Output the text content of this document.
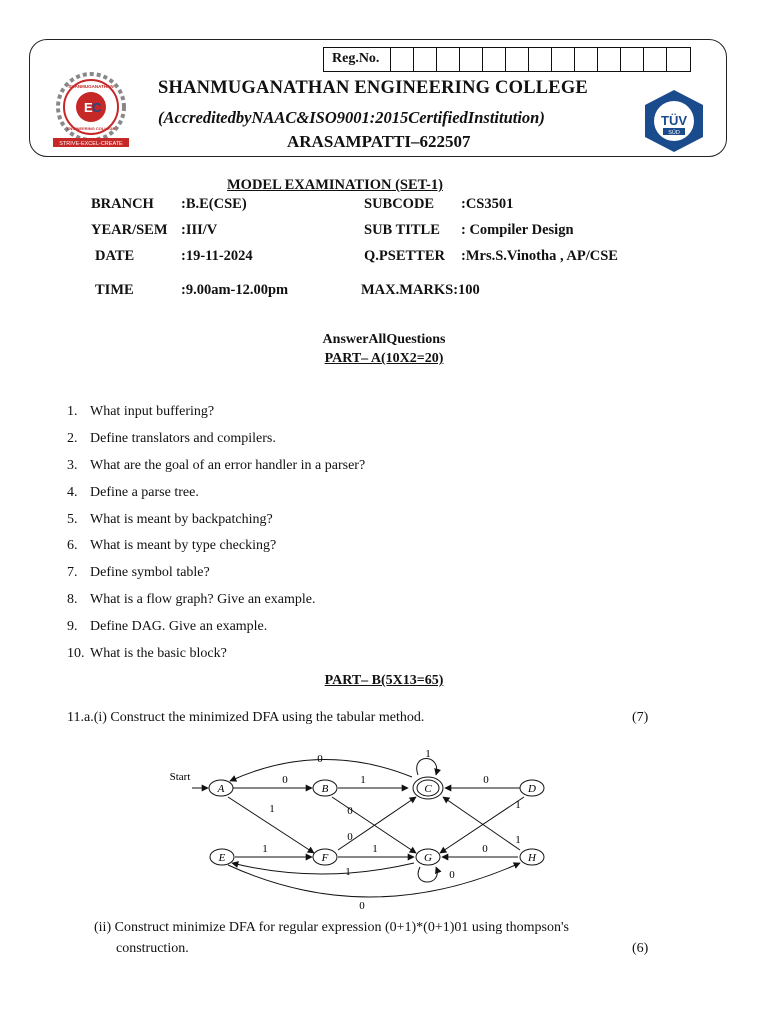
Reg.No.
E C
SHANMUGANATHAN
ENGINEERING COLLEGE
STRIVE-EXCEL-CREATE
TÜV
SÜD
SHANMUGANATHAN ENGINEERING COLLEGE
(AccreditedbyNAAC&ISO9001:2015CertifiedInstitution)
ARASAMPATTI–622507
MODEL EXAMINATION (SET-1)
BRANCH :B.E(CSE)	SUBCODE :CS3501
YEAR/SEM :III/V	SUB TITLE : Compiler Design
DATE	:19-11-2024	Q.PSETTER :Mrs.S.Vinotha , AP/CSE
TIME	:9.00am-12.00pm	MAX.MARKS:100
AnswerAllQuestions
PART– A(10X2=20)
1. What input buffering?
2. Define translators and compilers.
3. What are the goal of an error handler in a parser?
4. Define a parse tree.
5. What is meant by backpatching?
6. What is meant by type checking?
7. Define symbol table?
8. What is a flow graph? Give an example.
9. Define DAG. Give an example.
10. What is the basic block?
PART– B(5X13=65)
11.a.(i) Construct the minimized DFA using the tabular method.	(7)
A	B	C	D
E	F	G	H
Start
0
0	1
1
0
0
1
0
1
1
1	0
1
1	0
0
(ii) Construct minimize DFA for regular expression (0+1)*(0+1)01 using thompson's
construction.	(6)
